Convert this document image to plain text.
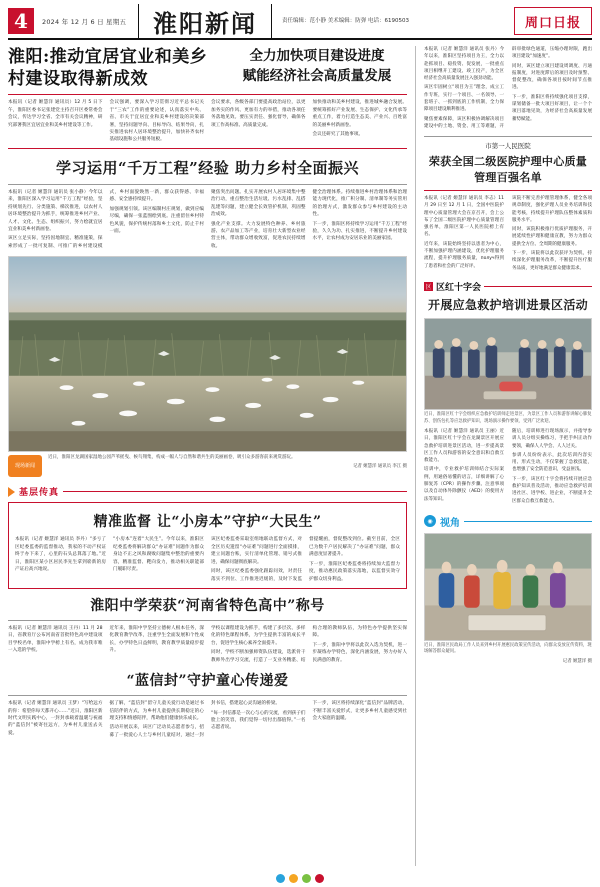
4	2024 年 12 月 6 日 星期五	淮阳新闻	责任编辑：范小静 美术编辑：防弹 电话：6190503	周口日报
淮阳:推动宜居宜业和美乡村建设取得新成效
全力加快项目建设进度
赋能经济社会高质量发展

本报讯（记者 姬慧洋 通讯员）12 月 5 日下午，淮阳区委书记张建党主持召开区委常委会会议，传达学习全省、全市有关会议精神，研究部署我区宜居宜业和美乡村建设等工作。

会议强调，要深入学习贯彻习近平总书记关于“三农”工作的重要论述，认真落实中央、省、市关于宜居宜业和美乡村建设的决策部署，坚持问题导向、目标导向、结果导向，扎实推进农村人居环境整治提升，加快补齐农村基础设施和公共服务短板。

会议要求，各级各部门要提高政治站位，以更加务实的作风、更加有力的举措，推动各项任务落地见效。要压实责任、强化督导，确保各项工作高标准、高质量完成。

加快推动和美乡村建设，推进城乡融合发展。要统筹抓好产业发展、生态保护、文化传承等重点工作，着力打造生态美、产业兴、百姓富的美丽乡村新画卷。

会议还研究了其他事项。

学习运用“千万工程”经验 助力乡村全面振兴

本报讯（记者 姬慧洋 通讯员 张小静）今年以来，淮阳区深入学习运用“千万工程”经验，坚持规划先行、分类施策、梯次推进，以农村人居环境整治提升为抓手，统筹推进乡村产业、人才、文化、生态、组织振兴，努力绘就宜居宜业和美乡村新画卷。

该区立足实际，坚持因地制宜、精准施策，探索形成了一批可复制、可推广的乡村建设模式，乡村面貌焕然一新，群众获得感、幸福感、安全感持续提升。

加强规划引领。该区编制村庄规划，做到应编尽编，确保一张蓝图绘到底。注重留住乡村特色风貌，保护传统村落和乡土文化，防止千村一面。

聚焦突出问题。扎实开展农村人居环境集中整治行动，重点整治生活垃圾、污水乱排、乱搭乱建等问题，建立健全长效管护机制，巩固整治成效。

强化产业支撑。大力发展特色种养、乡村旅游、农产品加工等产业，培育壮大新型农业经营主体，带动群众增收致富，促进农民持续增收。

健全治理体系。持续推进乡村治理体系和治理能力现代化，推广积分制、清单制等务实管用的治理方式，激发群众参与乡村建设的主动性。

下一步，淮阳区将持续学习运用“千万工程”经验，久久为功、扎实推进，不断提升乡村建设水平，让农村成为安居乐业的美丽家园。

现场新闻
近日，淮阳区龙湖国家湿地公园芦苇摇曳、候鸟翔集，构成一幅人与自然和谐共生的美丽画卷，吸引众多游客前来观赏游玩。
记者 姬慧洋 通讯员 李江 摄
基层传真
精准监督 让“小房本”守护“大民生”

本报讯（记者 姬慧洋 通讯员 李丹）“多亏了区纪委监委的监督推动，我家的不动产权证终于办下来了，心里的石头总算落了地。”近日，淮阳区某小区居民李先生拿到崭新的房产证后高兴地说。

“小房本”连着“大民生”。今年以来，淮阳区纪委监委将解决群众“办证难”问题作为群众身边不正之风和腐败问题集中整治的重要内容，精准监督、靶向发力，推动相关职能部门履职尽责。

该区纪委监委采取室组地联动监督方式，对全区历史遗留“办证难”问题进行全面摸排，建立问题台账，实行清单化管理、销号式推进，确保问题彻底解决。

同时，该区纪委监委强化跟踪问效，对责任落实不到位、工作推进迟缓的，及时下发监督提醒函，督促整改到位。截至目前，全区已为数千户居民解决了“办证难”问题，群众满意度显著提升。

下一步，淮阳区纪委监委将持续加大监督力度，推动惠民政策落实落地，以监督实效守护群众切身利益。

淮阳中学荣获“河南省特色高中”称号

本报讯（记者 姬慧洋 通讯员 王丹）11 月 28 日，省教育厅公布河南省首批特色高中建设项目学校名单，淮阳中学榜上有名，成为我市唯一入选的学校。

近年来，淮阳中学坚持立德树人根本任务，深化教育教学改革，注重学生全面发展和个性成长，办学特色日益鲜明，教育教学质量稳步提升。

学校以课程建设为抓手，构建了多层次、多样化的特色课程体系，为学生提供丰富的成长平台，促进学生核心素养全面提升。

同时，学校不断加强师资队伍建设，选派骨干教师外出学习交流，打造了一支业务精湛、结构合理的教师队伍，为特色办学提供坚实保障。

下一步，淮阳中学将以此次入选为契机，进一步凝练办学特色，深化内涵发展，努力办好人民满意的教育。

“蓝信封”守护童心传递爱

本报讯（记者 姬慧洋 通讯员 王梦）“写给远方的你：希望你每天都开心……”近日，淮阳区新时代文明实践中心，一封封承载着温暖与祝福的“蓝信封”被寄往远方，为乡村儿童送去关爱。

据了解，“蓝信封”留守儿童关爱行动是通过书信陪伴的方式，为乡村儿童提供长期稳定的心理支持和情感陪伴，帮助他们健康快乐成长。

活动开展以来，该区广泛动员志愿者参与，招募了一批爱心人士与乡村儿童结对，通过一封封书信，搭建起心灵沟通的桥梁。

“每一封信都是一次心与心的交流，看到孩子们脸上的笑容，我们觉得一切付出都值得。”一名志愿者说。

下一步，该区将持续深化“蓝信封”品牌活动，不断丰富关爱形式，让更多乡村儿童感受到社会大家庭的温暖。

本报讯（记者 姬慧洋 通讯员 张丹）今年以来，淮阳区坚持项目为王，全力以赴抓项目、稳投资、促发展，一批重点项目相继开工建设、竣工投产，为全区经济社会高质量发展注入强劲动能。

该区牢固树立“项目为王”理念，成立工作专班，实行一个项目、一名领导、一套班子、一抓到底的工作机制，全力保障项目建设顺利推进。

聚焦要素保障，该区积极协调解决项目建设中的土地、资金、用工等难题，开辟审批绿色通道，压缩办理时限，跑出项目建设“加速度”。

同时，该区建立项目建设周调度、月通报制度，对进度滞后的项目及时预警、督促整改，确保各项目按时间节点推进。

下一步，淮阳区将持续强化项目支撑，谋划储备一批大项目好项目，让一个个项目落地见效，为经济社会高质量发展蓄势赋能。

市第一人民医院
荣获全国二级医院护理中心质量管理百强名单

本报讯（记者 姬慧洋 通讯员 李志）11 月 29 日至 12 月 1 日，全国中医院护理中心质量管理大会在京召开，会上公布了全国二级医院护理中心质量管理百强名单，淮阳区第一人民医院榜上有名。

近年来，该院始终坚持以患者为中心，不断加强护理内涵建设，优化护理服务流程，提升护理服务质量，получ得到了患者和社会的广泛好评。

该院不断完善护理管理体系，健全各项规章制度，强化护理人员业务培训和技能考核，持续提升护理队伍整体素质和服务水平。

同时，该院积极推行优质护理服务，开展延续性护理和健康宣教，努力为群众提供全方位、全周期的健康服务。

下一步，该院将以此次获评为契机，持续深化护理服务改革，不断提升医疗服务品质，更好地满足群众健康需求。

区 区红十字会
开展应急救护培训进景区活动
近日，淮阳区红十字会组织应急救护培训师走进景区，为景区工作人员和游客讲解心肺复苏、创伤包扎等应急救护知识，现场演示操作要领，受到广泛欢迎。

本报讯（记者 姬慧洋 通讯员 王丽）近日，淮阳区红十字会在龙湖景区开展应急救护培训进景区活动，进一步提高景区工作人员和游客的安全意识和自救互救能力。

培训中，专业救护培训师结合实际案例，用通俗易懂的语言，详细讲解了心肺复苏（CPR）的操作步骤、注意事项以及自动体外除颤仪（AED）的使用方法等知识。

随后，培训师进行现场演示，并指导参训人员分组实操练习，手把手纠正动作要领，确保人人学会、人人过关。

参训人员纷纷表示，此次培训内容实用、形式生动，不仅掌握了急救技能，也增强了安全防范意识，受益匪浅。

下一步，该区红十字会将持续开展应急救护知识普及活动，推动应急救护培训进社区、进学校、进企业，不断提升全区群众自救互救能力。

◉ 视角
近日，淮阳区民政局工作人员来到乡村开展惠民政策宣传活动，向群众发放宣传资料，现场解答群众疑问。
记者 姬慧洋 摄
